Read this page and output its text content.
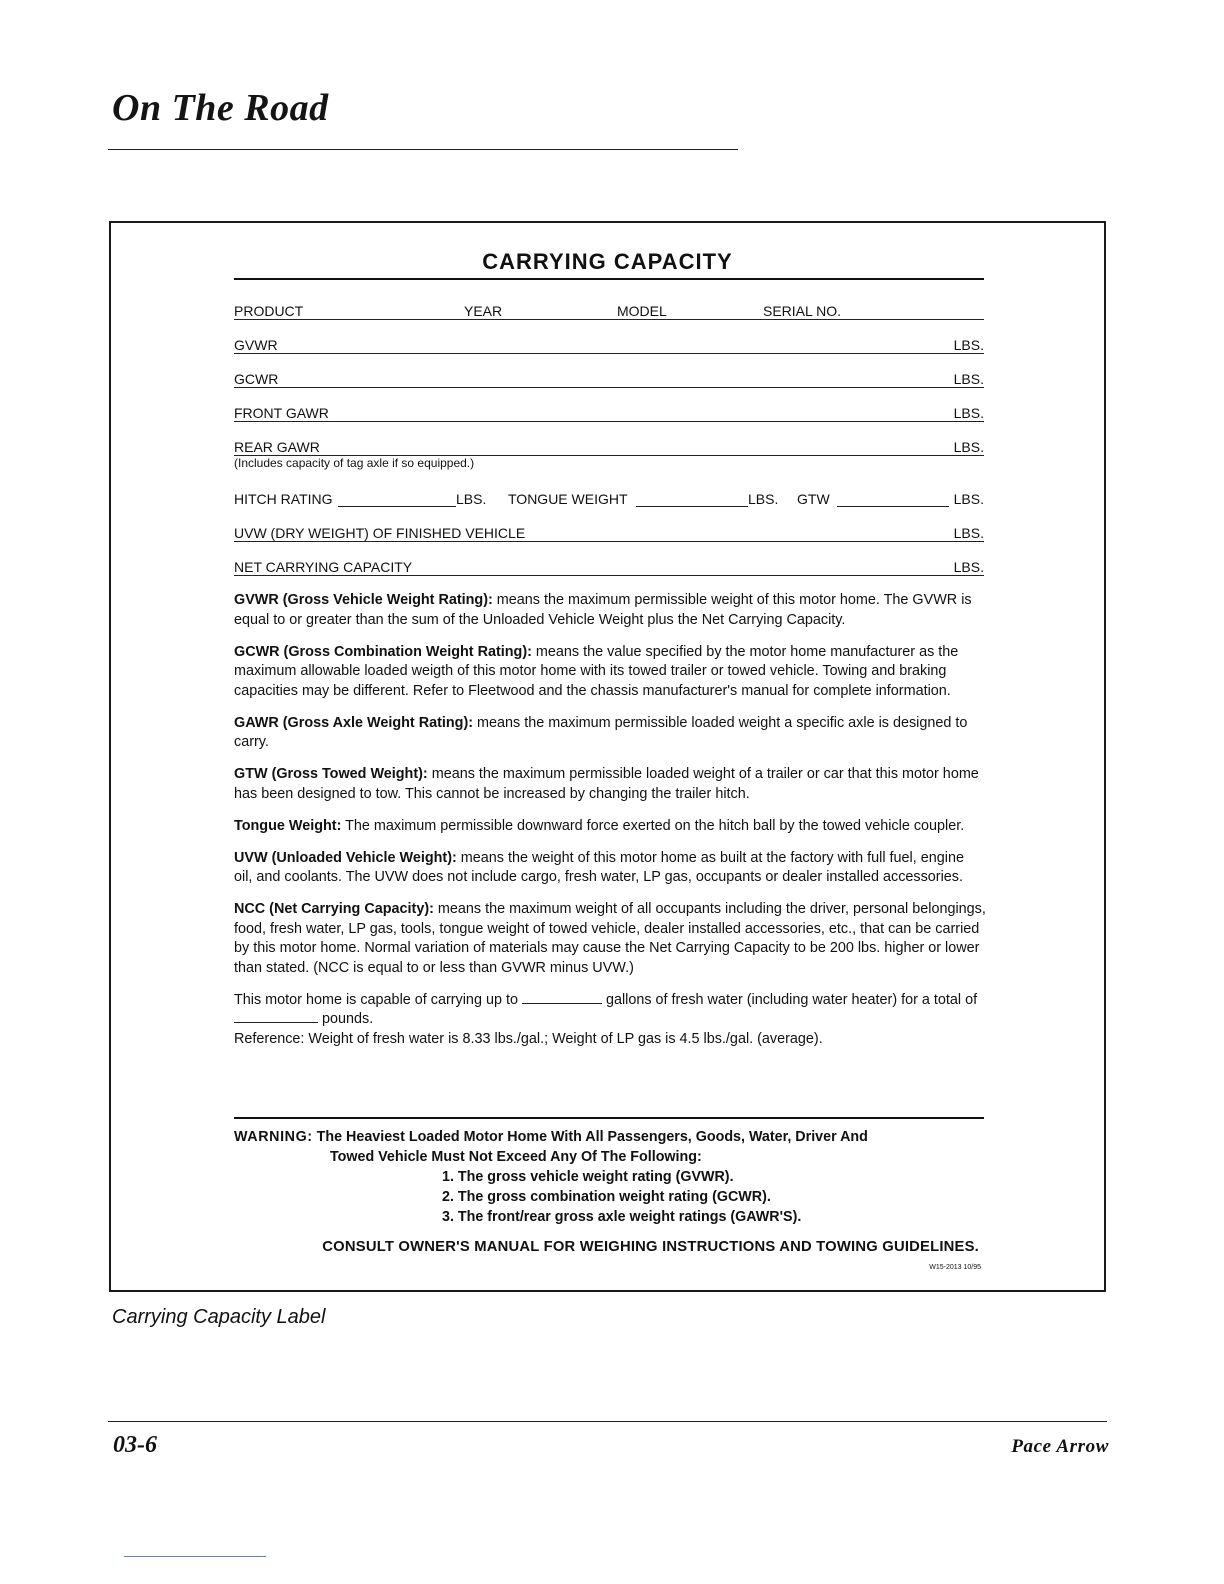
On The Road
CARRYING CAPACITY
PRODUCT	YEAR	MODEL	SERIAL NO.
GVWR	LBS.
GCWR	LBS.
FRONT GAWR	LBS.
REAR GAWR	LBS.
(Includes capacity of tag axle if so equipped.)
HITCH RATING	LBS. TONGUE WEIGHT	LBS. GTW	LBS.
UVW (DRY WEIGHT) OF FINISHED VEHICLE	LBS.
NET CARRYING CAPACITY	LBS.

GVWR (Gross Vehicle Weight Rating): means the maximum permissible weight of this motor home. The GVWR is equal to or greater than the sum of the Unloaded Vehicle Weight plus the Net Carrying Capacity.

GCWR (Gross Combination Weight Rating): means the value specified by the motor home manufacturer as the maximum allowable loaded weigth of this motor home with its towed trailer or towed vehicle. Towing and braking capacities may be different. Refer to Fleetwood and the chassis manufacturer's manual for complete information.

GAWR (Gross Axle Weight Rating): means the maximum permissible loaded weight a specific axle is designed to carry.

GTW (Gross Towed Weight): means the maximum permissible loaded weight of a trailer or car that this motor home has been designed to tow. This cannot be increased by changing the trailer hitch.

Tongue Weight: The maximum permissible downward force exerted on the hitch ball by the towed vehicle coupler.

UVW (Unloaded Vehicle Weight): means the weight of this motor home as built at the factory with full fuel, engine oil, and coolants. The UVW does not include cargo, fresh water, LP gas, occupants or dealer installed accessories.

NCC (Net Carrying Capacity): means the maximum weight of all occupants including the driver, personal belongings, food, fresh water, LP gas, tools, tongue weight of towed vehicle, dealer installed accessories, etc., that can be carried by this motor home. Normal variation of materials may cause the Net Carrying Capacity to be 200 lbs. higher or lower than stated. (NCC is equal to or less than GVWR minus UVW.)

This motor home is capable of carrying up to	gallons of fresh water (including water heater) for a total of  pounds.
Reference: Weight of fresh water is 8.33 lbs./gal.; Weight of LP gas is 4.5 lbs./gal. (average).

WARNING:
The Heaviest Loaded Motor Home With All Passengers, Goods, Water, Driver And
Towed Vehicle Must Not Exceed Any Of The Following:
1. The gross vehicle weight rating (GVWR).
2. The gross combination weight rating (GCWR).
3. The front/rear gross axle weight ratings (GAWR'S).
CONSULT OWNER'S MANUAL FOR WEIGHING INSTRUCTIONS AND TOWING GUIDELINES.
W15-2013 10/95
Carrying Capacity Label
03-6	Pace Arrow
